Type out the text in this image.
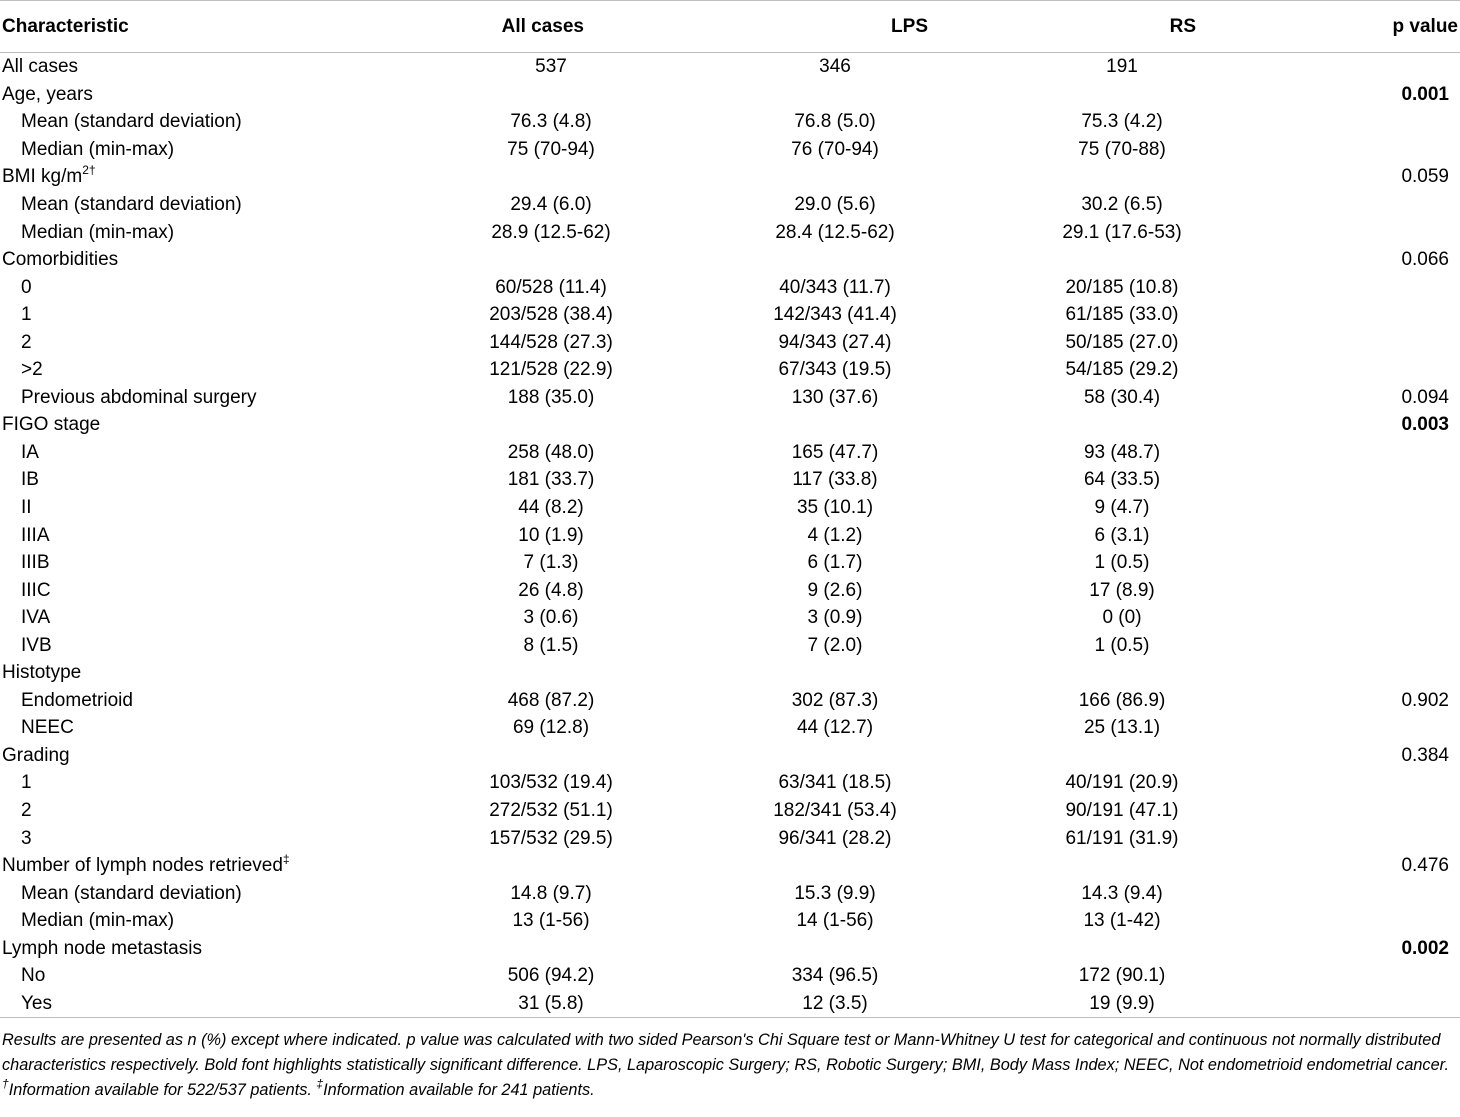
Characteristic	All cases	LPS	RS	p value
All cases	537	346	191	
Age, years				0.001
Mean (standard deviation)	76.3 (4.8)	76.8 (5.0)	75.3 (4.2)	
Median (min-max)	75 (70-94)	76 (70-94)	75 (70-88)	
BMI $kg/m^{2\dagger}$				0.059
Mean (standard deviation)	29.4 (6.0)	29.0 (5.6)	30.2 (6.5)	
Median (min-max)	28.9 (12.5-62)	28.4 (12.5-62)	29.1 (17.6-53)	
Comorbidities				0.066
0	60/528 (11.4)	40/343 (11.7)	20/185 (10.8)	
1	203/528 (38.4)	142/343 (41.4)	61/185 (33.0)	
2	144/528 (27.3)	94/343 (27.4)	50/185 (27.0)	
>2	121/528 (22.9)	67/343 (19.5)	54/185 (29.2)	
Previous abdominal surgery	188 (35.0)	130 (37.6)	58 (30.4)	0.094
FIGO stage				0.003
IA	258 (48.0)	165 (47.7)	93 (48.7)	
IB	181 (33.7)	117 (33.8)	64 (33.5)	
II	44 (8.2)	35 (10.1)	9 (4.7)	
IIIA	10 (1.9)	4 (1.2)	6 (3.1)	
IIIB	7 (1.3)	6 (1.7)	1 (0.5)	
IIIC	26 (4.8)	9 (2.6)	17 (8.9)	
IVA	3 (0.6)	3 (0.9)	0 (0)	
IVB	8 (1.5)	7 (2.0)	1 (0.5)	
Histotype				
Endometrioid	468 (87.2)	302 (87.3)	166 (86.9)	0.902
NEEC	69 (12.8)	44 (12.7)	25 (13.1)	
Grading				0.384
1	103/532 (19.4)	63/341 (18.5)	40/191 (20.9)	
2	272/532 (51.1)	182/341 (53.4)	90/191 (47.1)	
3	157/532 (29.5)	96/341 (28.2)	61/191 (31.9)	
Number of lymph nodes retrieved‡				0.476
Mean (standard deviation)	14.8 (9.7)	15.3 (9.9)	14.3 (9.4)	
Median (min-max)	13 (1-56)	14 (1-56)	13 (1-42)	
Lymph node metastasis				0.002
No	506 (94.2)	334 (96.5)	172 (90.1)	
Yes	31 (5.8)	12 (3.5)	19 (9.9)	

Results are presented as n (%) except where indicated. p value was calculated with two sided Pearson's Chi Square test or Mann-Whitney U test for categorical and continuous not normally distributed characteristics respectively. Bold font highlights statistically significant difference. LPS, Laparoscopic Surgery; RS, Robotic Surgery; BMI, Body Mass Index; NEEC, Not endometrioid endometrial cancer. †Information available for 522/537 patients. ‡Information available for 241 patients.
